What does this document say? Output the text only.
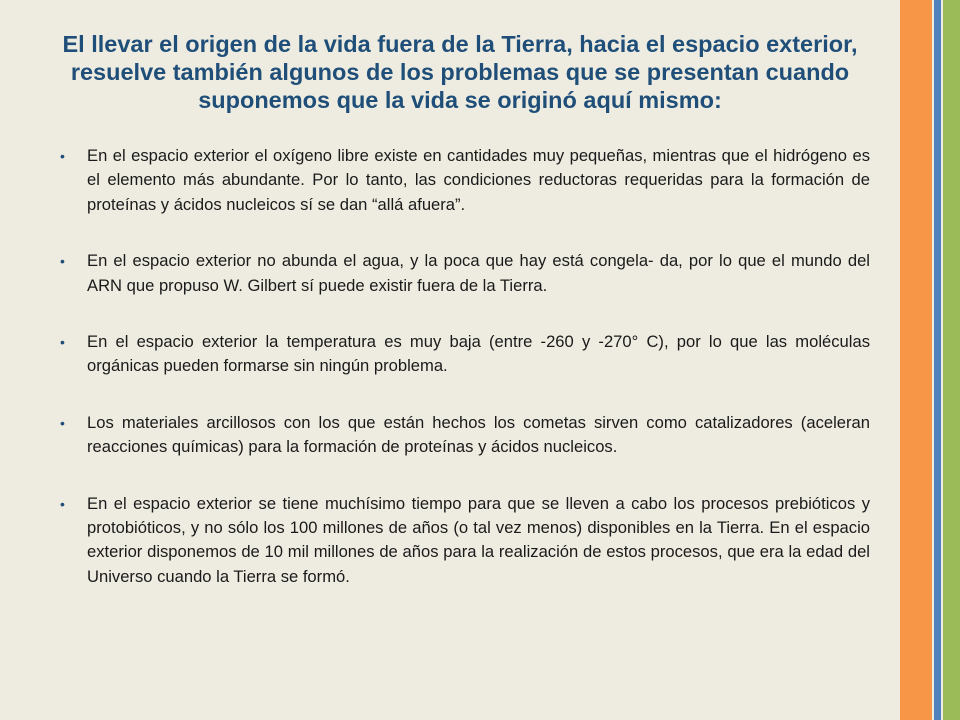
El llevar el origen de la vida fuera de la Tierra, hacia el espacio exterior, resuelve también algunos de los problemas que se presentan cuando suponemos que la vida se originó aquí mismo:
• En el espacio exterior el oxígeno libre existe en cantidades muy pequeñas, mientras que el hidrógeno es el elemento más abundante. Por lo tanto, las condiciones reductoras requeridas para la formación de proteínas y ácidos nucleicos sí se dan “allá afuera”.
• En el espacio exterior no abunda el agua, y la poca que hay está congela- da, por lo que el mundo del ARN que propuso W. Gilbert sí puede existir fuera de la Tierra.
• En el espacio exterior la temperatura es muy baja (entre -260 y -270° C), por lo que las moléculas orgánicas pueden formarse sin ningún problema.
• Los materiales arcillosos con los que están hechos los cometas sirven como catalizadores (aceleran reacciones químicas) para la formación de proteínas y ácidos nucleicos.
• En el espacio exterior se tiene muchísimo tiempo para que se lleven a cabo los procesos prebióticos y protobióticos, y no sólo los 100 millones de años (o tal vez menos) disponibles en la Tierra. En el espacio exterior disponemos de 10 mil millones de años para la realización de estos procesos, que era la edad del Universo cuando la Tierra se formó.
